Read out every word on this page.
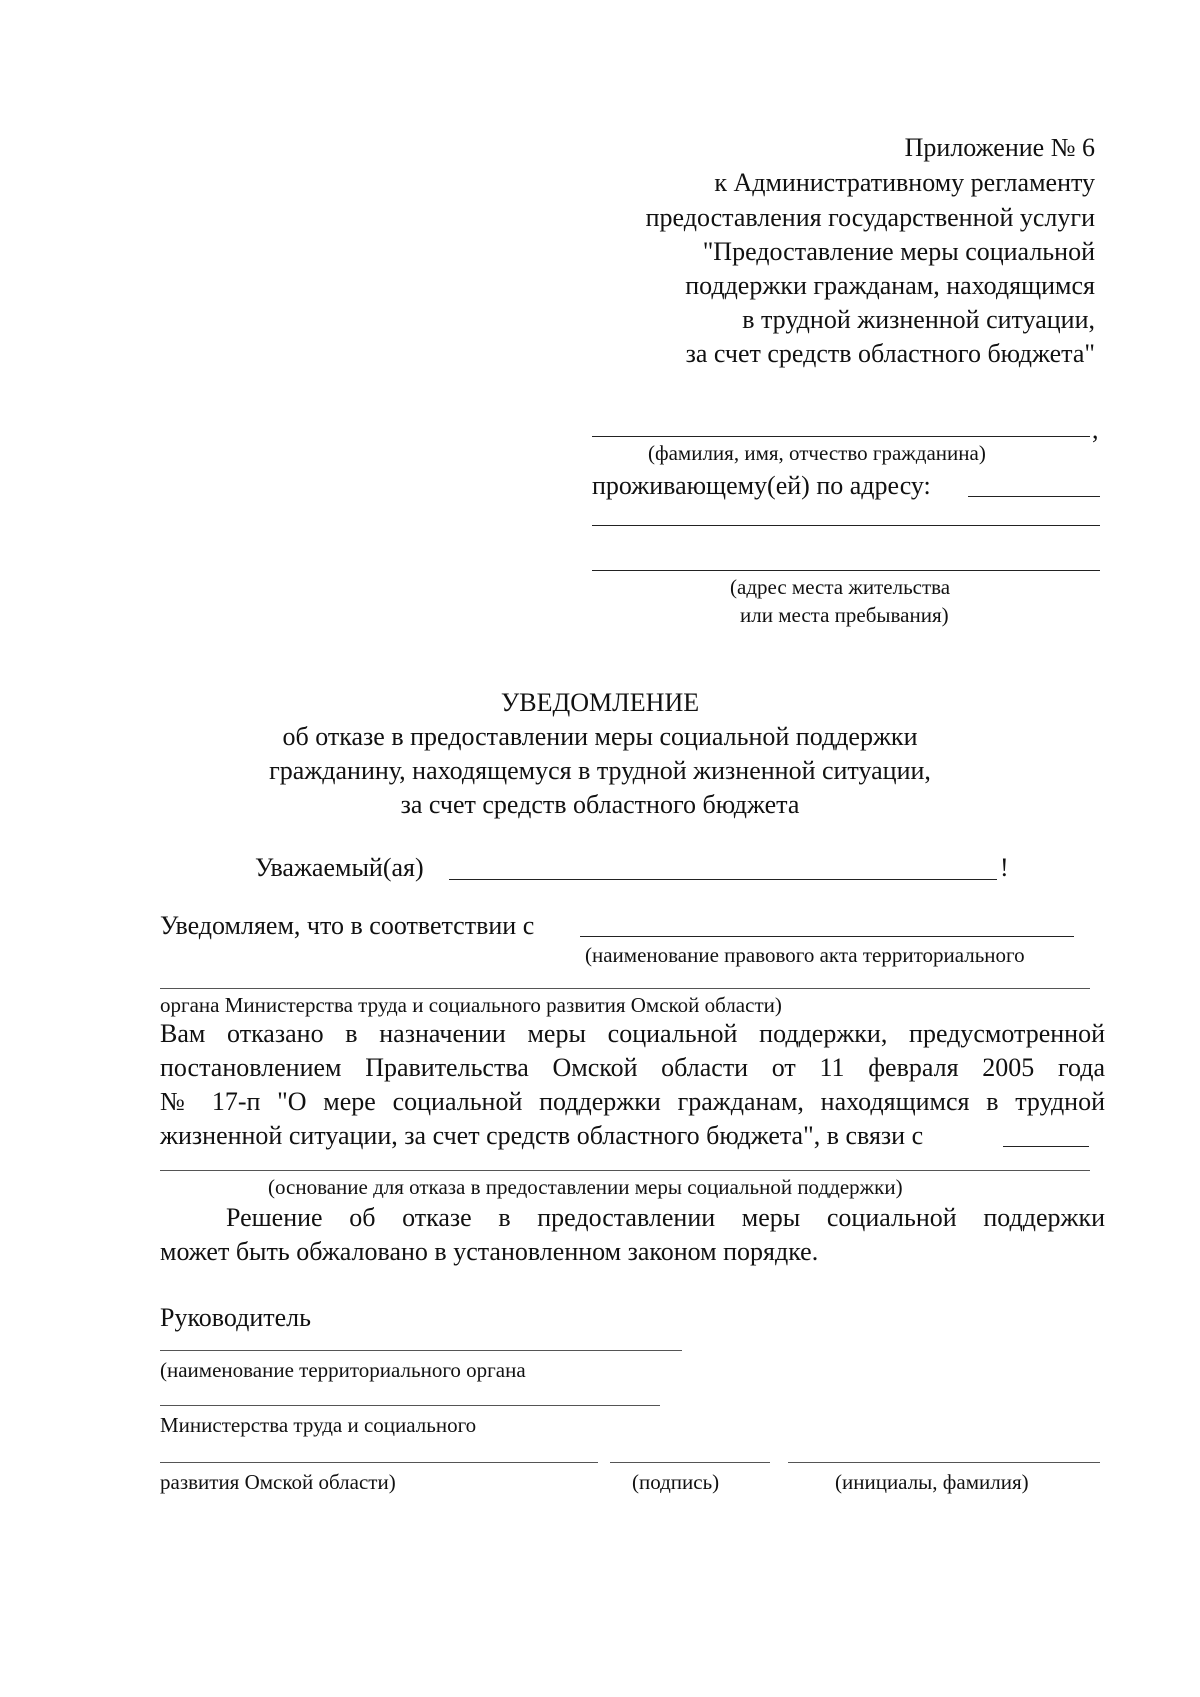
Приложение № 6
к Административному регламенту
предоставления государственной услуги
"Предоставление меры социальной
поддержки гражданам, находящимся
в трудной жизненной ситуации,
за счет средств областного бюджета"
,
(фамилия, имя, отчество гражданина)
проживающему(ей) по адресу:
(адрес места жительства
или места пребывания)
УВЕДОМЛЕНИЕ
об отказе в предоставлении меры социальной поддержки
гражданину, находящемуся в трудной жизненной ситуации,
за счет средств областного бюджета
Уважаемый(ая)	!
Уведомляем, что в соответствии с
(наименование правового акта территориального
органа Министерства труда и социального развития Омской области)
Вам отказано в назначении меры социальной поддержки, предусмотренной
постановлением Правительства Омской области от 11 февраля 2005 года
№ 17-п "О мере социальной поддержки гражданам, находящимся в трудной
жизненной ситуации, за счет средств областного бюджета", в связи с
(основание для отказа в предоставлении меры социальной поддержки)
Решение об отказе в предоставлении меры социальной поддержки
может быть обжаловано в установленном законом порядке.
Руководитель
(наименование территориального органа
Министерства труда и социального
развития Омской области)	(подпись)	(инициалы, фамилия)
